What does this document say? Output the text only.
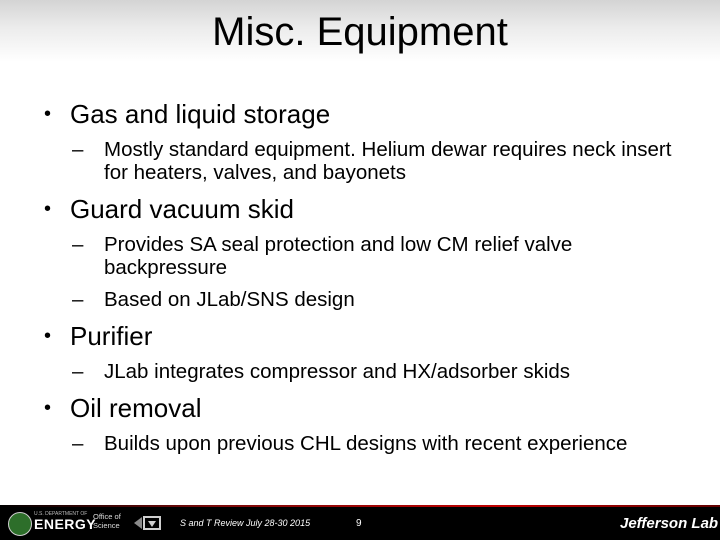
Misc. Equipment
• Gas and liquid storage
– Mostly standard equipment. Helium dewar requires neck insert for heaters, valves, and bayonets
• Guard vacuum skid
– Provides SA seal protection and low CM relief valve backpressure
– Based on JLab/SNS design
• Purifier
– JLab integrates compressor and HX/adsorber skids
• Oil removal
– Builds upon previous CHL designs with recent experience
U.S. DEPARTMENT OF
ENERGY
Office of Science	S and T Review July 28-30 2015	9	Jefferson Lab
